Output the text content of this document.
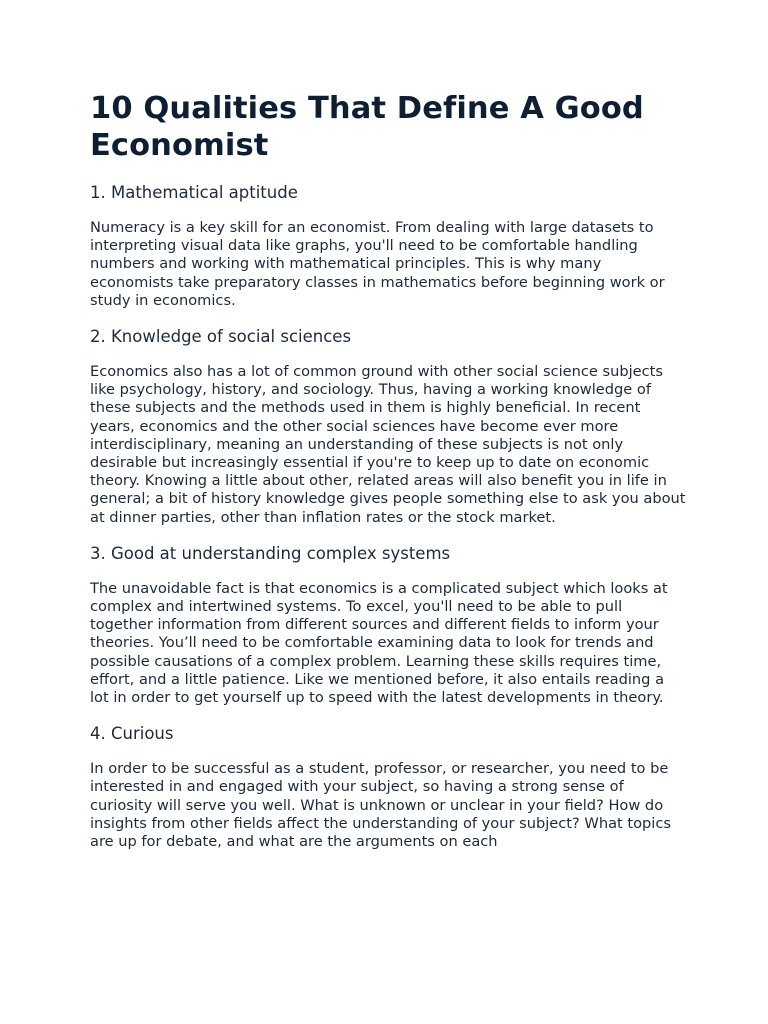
10 Qualities That Define A Good Economist
1. Mathematical aptitude

Numeracy is a key skill for an economist. From dealing with large datasets to interpreting visual data like graphs, you'll need to be comfortable handling numbers and working with mathematical principles. This is why many economists take preparatory classes in mathematics before beginning work or study in economics.

2. Knowledge of social sciences

Economics also has a lot of common ground with other social science subjects like psychology, history, and sociology. Thus, having a working knowledge of these subjects and the methods used in them is highly beneficial. In recent years, economics and the other social sciences have become ever more interdisciplinary, meaning an understanding of these subjects is not only desirable but increasingly essential if you're to keep up to date on economic theory. Knowing a little about other, related areas will also benefit you in life in general; a bit of history knowledge gives people something else to ask you about at dinner parties, other than inflation rates or the stock market.

3. Good at understanding complex systems

The unavoidable fact is that economics is a complicated subject which looks at complex and intertwined systems. To excel, you'll need to be able to pull together information from different sources and different fields to inform your theories. You’ll need to be comfortable examining data to look for trends and possible causations of a complex problem. Learning these skills requires time, effort, and a little patience. Like we mentioned before, it also entails reading a lot in order to get yourself up to speed with the latest developments in theory.

4. Curious

In order to be successful as a student, professor, or researcher, you need to be interested in and engaged with your subject, so having a strong sense of curiosity will serve you well. What is unknown or unclear in your field? How do insights from other fields affect the understanding of your subject? What topics are up for debate, and what are the arguments on each
